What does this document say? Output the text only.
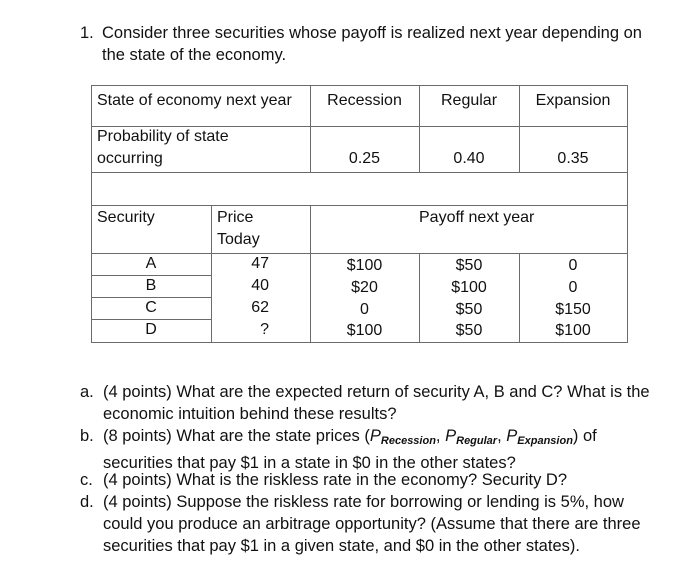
1. Consider three securities whose payoff is realized next year depending on the state of the economy.
State of economy next year	Recession	Regular	Expansion
Probability of state occurring	0.25	0.40	0.35
Security	Price Today
Payoff next year
A	47	$100	$50	0
B	40	$20	$100	0
C	62	0	$50	$150
D	?	$100	$50	$100
a. (4 points) What are the expected return of security A, B and C? What is the economic intuition behind these results?
b. (8 points) What are the state prices ($P_{Recession}$, $P_{Regular}$, $P_{Expansion}$) of securities that pay $1 in a state in $0 in the other states?
c. (4 points) What is the riskless rate in the economy? Security D?
d. (4 points) Suppose the riskless rate for borrowing or lending is 5%, how could you produce an arbitrage opportunity? (Assume that there are three securities that pay $1 in a given state, and $0 in the other states).
